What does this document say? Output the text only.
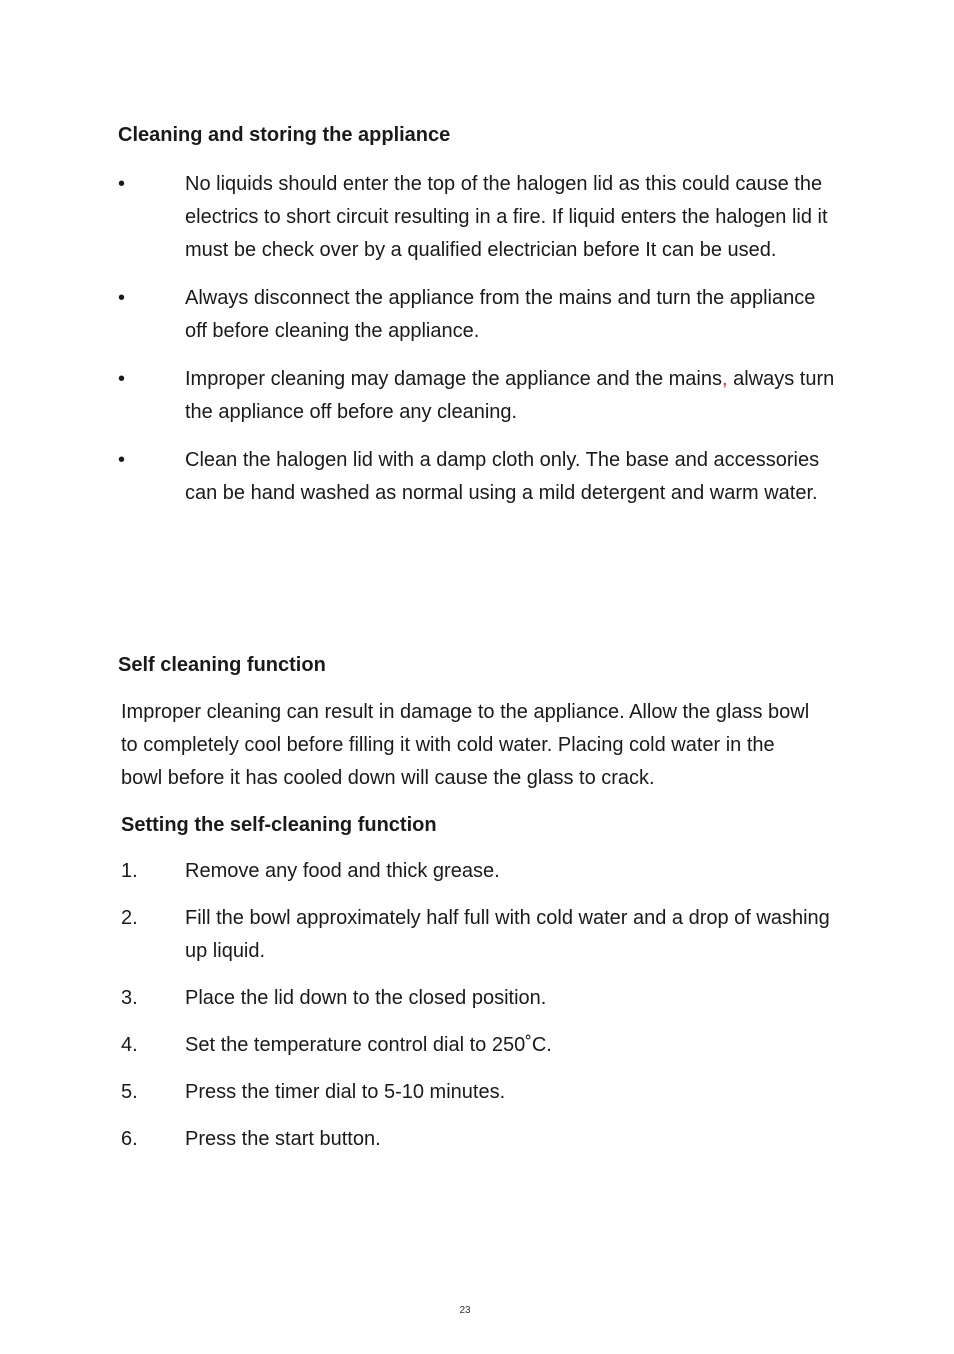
Cleaning and storing the appliance
•	No liquids should enter the top of the halogen lid as this could cause the electrics to short circuit resulting in a fire. If liquid enters the halogen lid it must be check over by a qualified electrician before It can be used.
•	Always disconnect the appliance from the mains and turn the appliance off before cleaning the appliance.
•	Improper cleaning may damage the appliance and the mains, always turn the appliance off before any cleaning.
•	Clean the halogen lid with a damp cloth only. The base and accessories can be hand washed as normal using a mild detergent and warm water.
Self cleaning function

Improper cleaning can result in damage to the appliance. Allow the glass bowl to completely cool before filling it with cold water. Placing cold water in the bowl before it has cooled down will cause the glass to crack.

Setting the self-cleaning function
1.	Remove any food and thick grease.
2.	Fill the bowl approximately half full with cold water and a drop of washing up liquid.
3.	Place the lid down to the closed position.
4.	Set the temperature control dial to 250˚C.
5.	Press the timer dial to 5-10 minutes.
6.	Press the start button.
23
